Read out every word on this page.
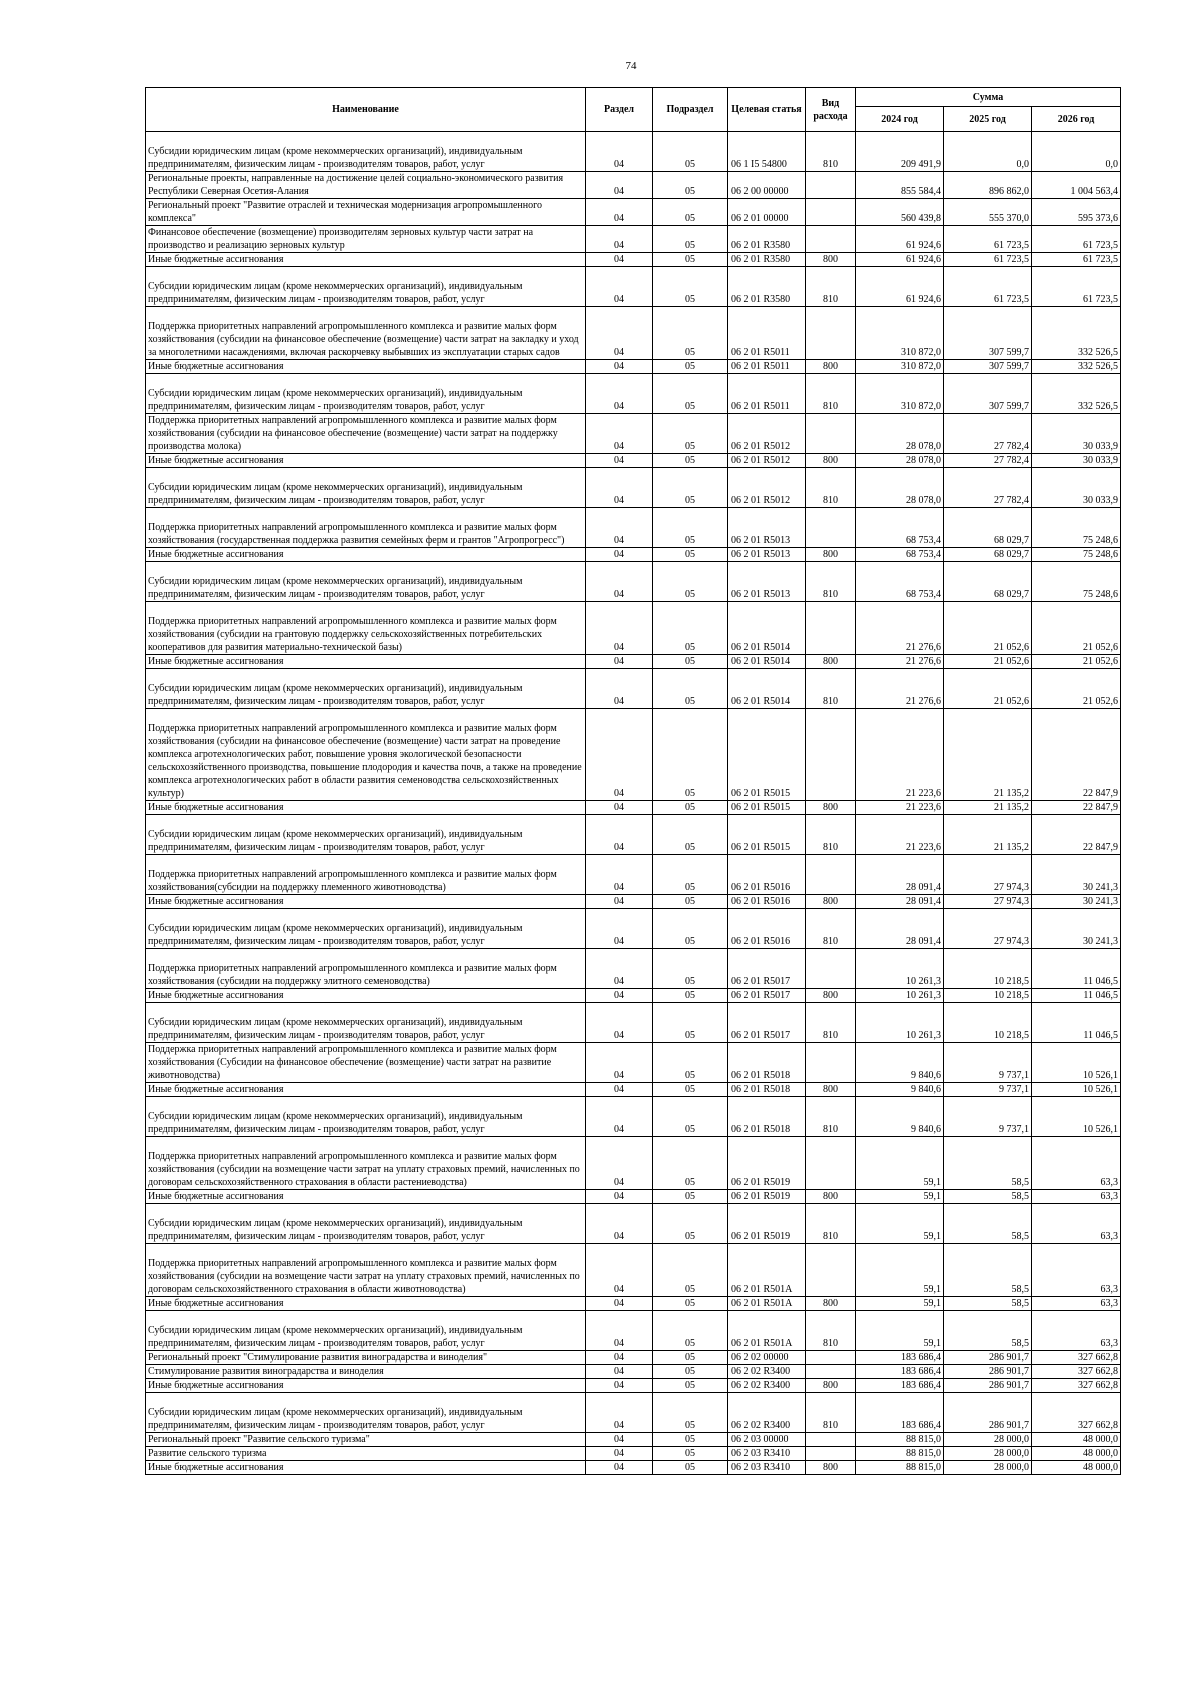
74
Наименование	Раздел	Подраздел	Целевая статья	Вид расхода	Сумма		
					2024 год	2025 год	2026 год
Субсидии юридическим лицам (кроме некоммерческих организаций), индивидуальным предпринимателям, физическим лицам - производителям товаров, работ, услуг	04	05	06 1 I5 54800	810	209 491,9	0,0	0,0
Региональные проекты, направленные на достижение целей социально-экономического развития Республики Северная Осетия-Алания	04	05	06 2 00 00000		855 584,4	896 862,0	1 004 563,4
Региональный проект "Развитие отраслей и техническая модернизация агропромышленного комплекса"	04	05	06 2 01 00000		560 439,8	555 370,0	595 373,6
Финансовое обеспечение (возмещение) производителям зерновых культур части затрат на производство и реализацию зерновых культур	04	05	06 2 01 R3580		61 924,6	61 723,5	61 723,5
Иные бюджетные ассигнования	04	05	06 2 01 R3580	800	61 924,6	61 723,5	61 723,5
Субсидии юридическим лицам (кроме некоммерческих организаций), индивидуальным предпринимателям, физическим лицам - производителям товаров, работ, услуг	04	05	06 2 01 R3580	810	61 924,6	61 723,5	61 723,5
Поддержка приоритетных направлений агропромышленного комплекса и развитие малых форм хозяйствования (субсидии на финансовое обеспечение (возмещение) части затрат на закладку и уход за многолетними насаждениями, включая раскорчевку выбывших из эксплуатации старых садов	04	05	06 2 01 R5011		310 872,0	307 599,7	332 526,5
Иные бюджетные ассигнования	04	05	06 2 01 R5011	800	310 872,0	307 599,7	332 526,5
Субсидии юридическим лицам (кроме некоммерческих организаций), индивидуальным предпринимателям, физическим лицам - производителям товаров, работ, услуг	04	05	06 2 01 R5011	810	310 872,0	307 599,7	332 526,5
Поддержка приоритетных направлений агропромышленного комплекса и развитие малых форм хозяйствования (субсидии на финансовое обеспечение (возмещение) части затрат на поддержку производства молока)	04	05	06 2 01 R5012		28 078,0	27 782,4	30 033,9
Иные бюджетные ассигнования	04	05	06 2 01 R5012	800	28 078,0	27 782,4	30 033,9
Субсидии юридическим лицам (кроме некоммерческих организаций), индивидуальным предпринимателям, физическим лицам - производителям товаров, работ, услуг	04	05	06 2 01 R5012	810	28 078,0	27 782,4	30 033,9
Поддержка приоритетных направлений агропромышленного комплекса и развитие малых форм хозяйствования (государственная поддержка развития семейных ферм и грантов "Агропрогресс")	04	05	06 2 01 R5013		68 753,4	68 029,7	75 248,6
Иные бюджетные ассигнования	04	05	06 2 01 R5013	800	68 753,4	68 029,7	75 248,6
Субсидии юридическим лицам (кроме некоммерческих организаций), индивидуальным предпринимателям, физическим лицам - производителям товаров, работ, услуг	04	05	06 2 01 R5013	810	68 753,4	68 029,7	75 248,6
Поддержка приоритетных направлений агропромышленного комплекса и развитие малых форм хозяйствования (субсидии на грантовую поддержку сельскохозяйственных потребительских кооперативов для развития материально-технической базы)	04	05	06 2 01 R5014		21 276,6	21 052,6	21 052,6
Иные бюджетные ассигнования	04	05	06 2 01 R5014	800	21 276,6	21 052,6	21 052,6
Субсидии юридическим лицам (кроме некоммерческих организаций), индивидуальным предпринимателям, физическим лицам - производителям товаров, работ, услуг	04	05	06 2 01 R5014	810	21 276,6	21 052,6	21 052,6
Поддержка приоритетных направлений агропромышленного комплекса и развитие малых форм хозяйствования (субсидии на финансовое обеспечение (возмещение) части затрат на проведение комплекса агротехнологических работ, повышение уровня экологической безопасности сельскохозяйственного производства, повышение плодородия и качества почв, а также на проведение комплекса агротехнологических работ в области развития семеноводства сельскохозяйственных культур)	04	05	06 2 01 R5015		21 223,6	21 135,2	22 847,9
Иные бюджетные ассигнования	04	05	06 2 01 R5015	800	21 223,6	21 135,2	22 847,9
Субсидии юридическим лицам (кроме некоммерческих организаций), индивидуальным предпринимателям, физическим лицам - производителям товаров, работ, услуг	04	05	06 2 01 R5015	810	21 223,6	21 135,2	22 847,9
Поддержка приоритетных направлений агропромышленного комплекса и развитие малых форм хозяйствования(субсидии на поддержку племенного животноводства)	04	05	06 2 01 R5016		28 091,4	27 974,3	30 241,3
Иные бюджетные ассигнования	04	05	06 2 01 R5016	800	28 091,4	27 974,3	30 241,3
Субсидии юридическим лицам (кроме некоммерческих организаций), индивидуальным предпринимателям, физическим лицам - производителям товаров, работ, услуг	04	05	06 2 01 R5016	810	28 091,4	27 974,3	30 241,3
Поддержка приоритетных направлений агропромышленного комплекса и развитие малых форм хозяйствования (субсидии на поддержку элитного семеноводства)	04	05	06 2 01 R5017		10 261,3	10 218,5	11 046,5
Иные бюджетные ассигнования	04	05	06 2 01 R5017	800	10 261,3	10 218,5	11 046,5
Субсидии юридическим лицам (кроме некоммерческих организаций), индивидуальным предпринимателям, физическим лицам - производителям товаров, работ, услуг	04	05	06 2 01 R5017	810	10 261,3	10 218,5	11 046,5
Поддержка приоритетных направлений агропромышленного комплекса и развитие малых форм хозяйствования (Субсидии на финансовое обеспечение (возмещение) части затрат на развитие животноводства)	04	05	06 2 01 R5018		9 840,6	9 737,1	10 526,1
Иные бюджетные ассигнования	04	05	06 2 01 R5018	800	9 840,6	9 737,1	10 526,1
Субсидии юридическим лицам (кроме некоммерческих организаций), индивидуальным предпринимателям, физическим лицам - производителям товаров, работ, услуг	04	05	06 2 01 R5018	810	9 840,6	9 737,1	10 526,1
Поддержка приоритетных направлений агропромышленного комплекса и развитие малых форм хозяйствования (субсидии на возмещение части затрат на уплату страховых премий, начисленных по договорам сельскохозяйственного страхования в области растениеводства)	04	05	06 2 01 R5019		59,1	58,5	63,3
Иные бюджетные ассигнования	04	05	06 2 01 R5019	800	59,1	58,5	63,3
Субсидии юридическим лицам (кроме некоммерческих организаций), индивидуальным предпринимателям, физическим лицам - производителям товаров, работ, услуг	04	05	06 2 01 R5019	810	59,1	58,5	63,3
Поддержка приоритетных направлений агропромышленного комплекса и развитие малых форм хозяйствования (субсидии на возмещение части затрат на уплату страховых премий, начисленных по договорам сельскохозяйственного страхования в области животноводства)	04	05	06 2 01 R501A		59,1	58,5	63,3
Иные бюджетные ассигнования	04	05	06 2 01 R501A	800	59,1	58,5	63,3
Субсидии юридическим лицам (кроме некоммерческих организаций), индивидуальным предпринимателям, физическим лицам - производителям товаров, работ, услуг	04	05	06 2 01 R501A	810	59,1	58,5	63,3
Региональный проект "Стимулирование развития виноградарства и виноделия"	04	05	06 2 02 00000		183 686,4	286 901,7	327 662,8
Стимулирование развития виноградарства и виноделия	04	05	06 2 02 R3400		183 686,4	286 901,7	327 662,8
Иные бюджетные ассигнования	04	05	06 2 02 R3400	800	183 686,4	286 901,7	327 662,8
Субсидии юридическим лицам (кроме некоммерческих организаций), индивидуальным предпринимателям, физическим лицам - производителям товаров, работ, услуг	04	05	06 2 02 R3400	810	183 686,4	286 901,7	327 662,8
Региональный проект "Развитие сельского туризма"	04	05	06 2 03 00000		88 815,0	28 000,0	48 000,0
Развитие сельского туризма	04	05	06 2 03 R3410		88 815,0	28 000,0	48 000,0
Иные бюджетные ассигнования	04	05	06 2 03 R3410	800	88 815,0	28 000,0	48 000,0
